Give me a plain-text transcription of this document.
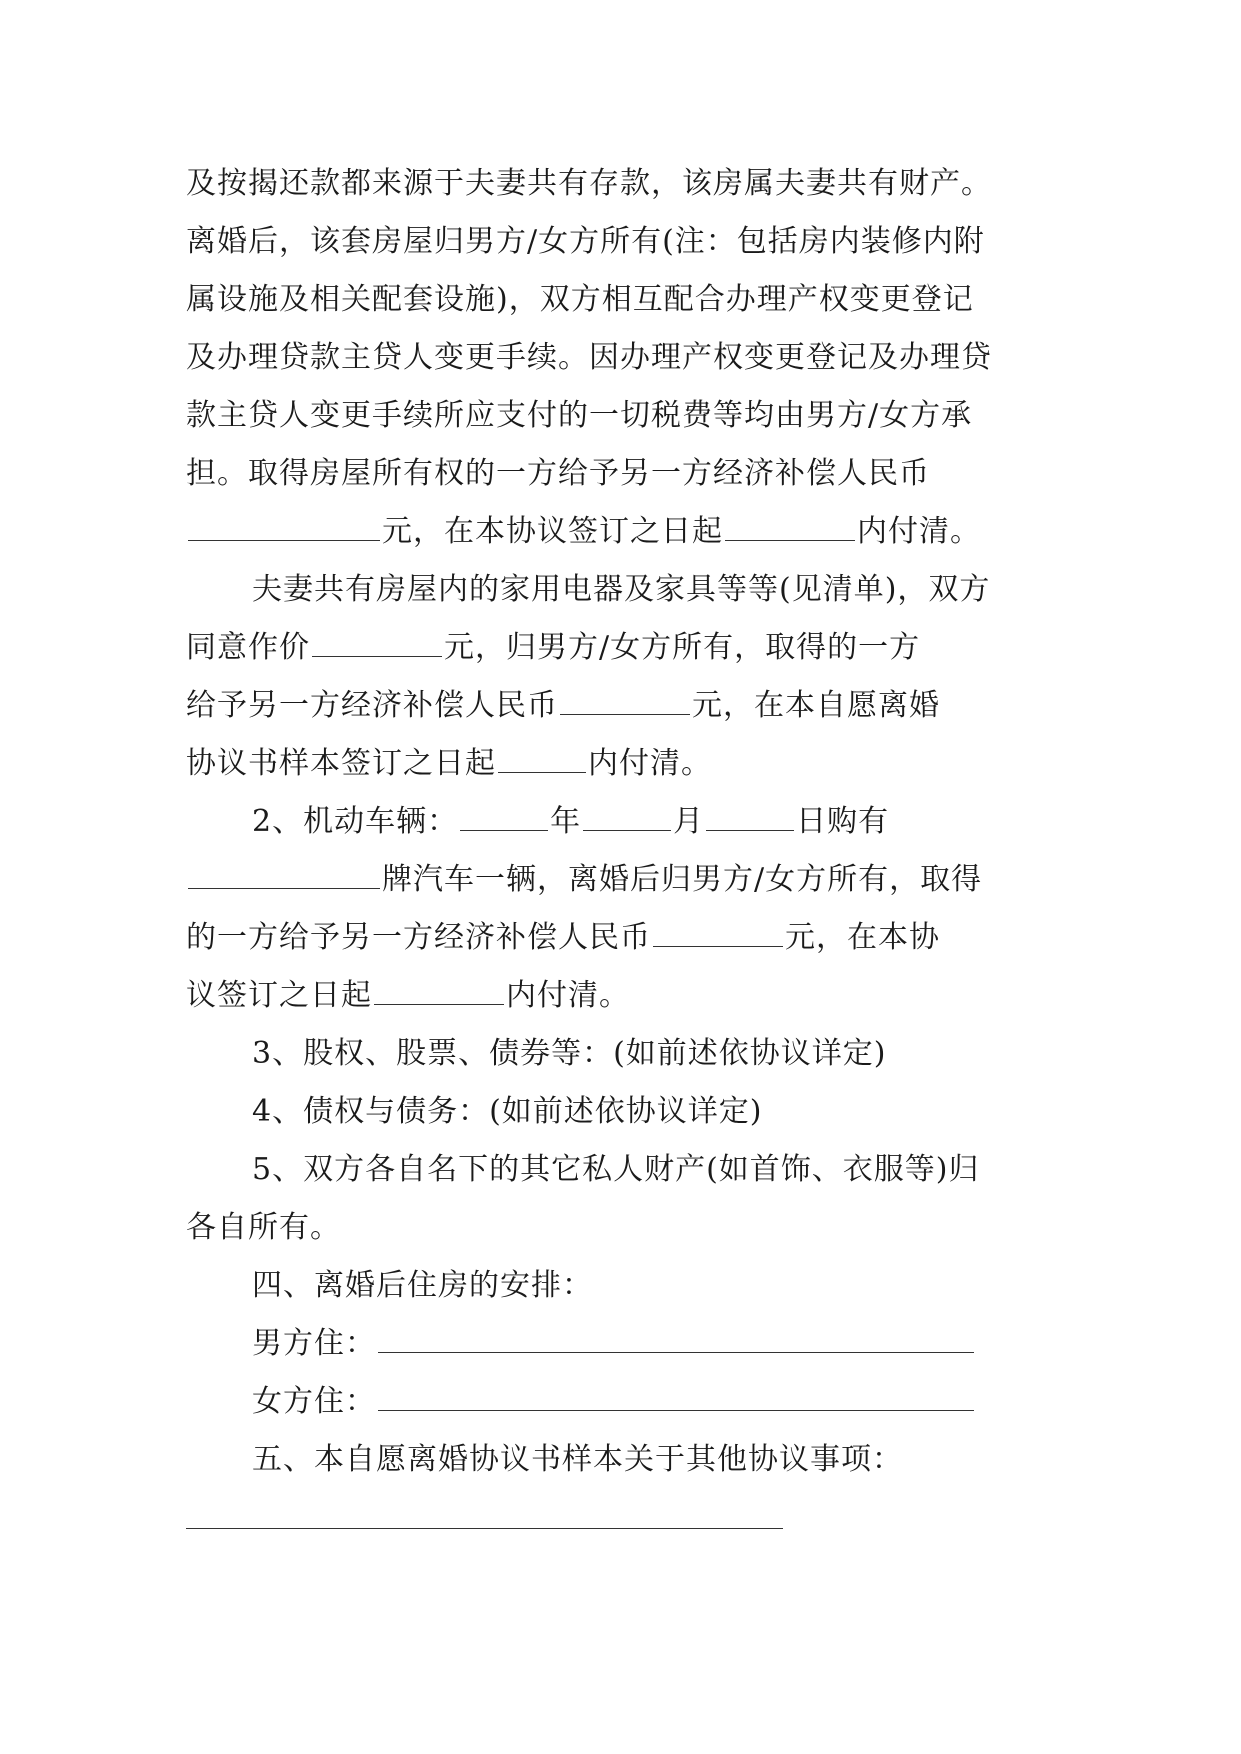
及按揭还款都来源于夫妻共有存款，该房属夫妻共有财产。
离婚后，该套房屋归男方/女方所有(注：包括房内装修内附
属设施及相关配套设施)，双方相互配合办理产权变更登记
及办理贷款主贷人变更手续。因办理产权变更登记及办理贷
款主贷人变更手续所应支付的一切税费等均由男方/女方承
担。取得房屋所有权的一方给予另一方经济补偿人民币
元，在本协议签订之日起	内付清。
夫妻共有房屋内的家用电器及家具等等(见清单)，双方
同意作价	元，归男方/女方所有，取得的一方
给予另一方经济补偿人民币	元，在本自愿离婚
协议书样本签订之日起	内付清。
2、机动车辆：	年	月	日购有
牌汽车一辆，离婚后归男方/女方所有，取得
的一方给予另一方经济补偿人民币	元，在本协
议签订之日起	内付清。
3、股权、股票、债券等：(如前述依协议详定)
4、债权与债务：(如前述依协议详定)
5、双方各自名下的其它私人财产(如首饰、衣服等)归
各自所有。
四、离婚后住房的安排：
男方住：
女方住：
五、本自愿离婚协议书样本关于其他协议事项：
